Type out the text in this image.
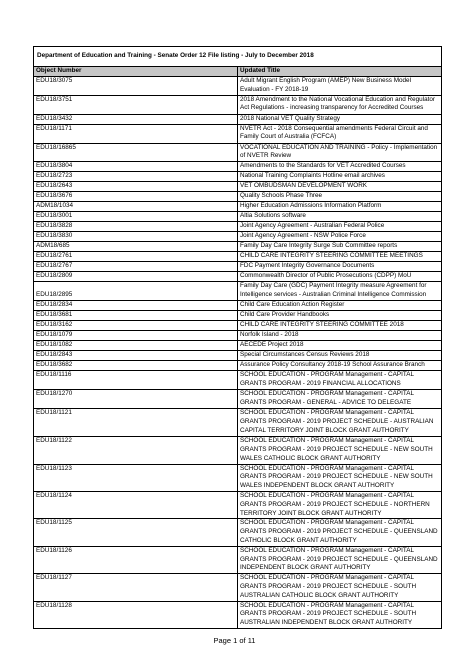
Department of Education and Training - Senate Order 12 File listing - July to December 2018	
Object Number	Updated Title
EDU18/3075	Adult Migrant English Program (AMEP) New Business Model Evaluation - FY 2018-19
EDU18/3751	2018 Amendment to the National Vocational Education and Regulator Act Regulations - increasing transparency for Accredited Courses
EDU18/3432	2018 National VET Quality Strategy
EDU18/1171	NVETR Act - 2018 Consequential amendments Federal Circuit and Family Court of Australia (FCFCA)
EDU18/16865	VOCATIONAL EDUCATION AND TRAINING - Policy - Implementation of NVETR Review
EDU18/3804	Amendments to the Standards for VET Accredited Courses
EDU18/2723	National Training Complaints Hotline email archives
EDU18/2643	VET OMBUDSMAN DEVELOPMENT WORK
EDU18/3676	Quality Schools Phase Three
ADM18/1034	Higher Education Admissions Information Platform
EDU18/3001	Altia Solutions software
EDU18/3828	Joint Agency Agreement - Australian Federal Police
EDU18/3830	Joint Agency Agreement - NSW Police Force
ADM18/685	Family Day Care Integrity Surge Sub Committee reports
EDU18/2761	CHILD CARE INTEGRITY STEERING COMMITTEE MEETINGS
EDU18/2767	FDC Payment Integrity Governance Documents
EDU18/2809	Commonwealth Director of Public Prosecutions (CDPP) MoU
EDU18/2895	Family Day Care (GDC) Payment Integrity measure Agreement for Intelligence services - Australian Criminal Intelligence Commission
EDU18/2834	Child Care Education Action Register
EDU18/3681	Child Care Provider Handbooks
EDU18/3162	CHILD CARE INTEGRITY STEERING COMMITTEE 2018
EDU18/1079	Norfolk Island - 2018
EDU18/1082	AECEDE Project 2018
EDU18/2843	Special Circumstances Census Reviews 2018
EDU18/3682	Assurance Policy Consultancy 2018-19 School Assurance Branch
EDU18/1116	SCHOOL EDUCATION - PROGRAM Management - CAPITAL GRANTS PROGRAM - 2019 FINANCIAL ALLOCATIONS
EDU18/1270	SCHOOL EDUCATION - PROGRAM Management - CAPITAL GRANTS PROGRAM - GENERAL - ADVICE TO DELEGATE
EDU18/1121	SCHOOL EDUCATION - PROGRAM Management - CAPITAL GRANTS PROGRAM - 2019 PROJECT SCHEDULE - AUSTRALIAN CAPITAL TERRITORY JOINT BLOCK GRANT AUTHORITY
EDU18/1122	SCHOOL EDUCATION - PROGRAM Management - CAPITAL GRANTS PROGRAM - 2019 PROJECT SCHEDULE - NEW SOUTH WALES CATHOLIC BLOCK GRANT AUTHORITY
EDU18/1123	SCHOOL EDUCATION - PROGRAM Management - CAPITAL GRANTS PROGRAM - 2019 PROJECT SCHEDULE - NEW SOUTH WALES INDEPENDENT BLOCK GRANT AUTHORITY
EDU18/1124	SCHOOL EDUCATION - PROGRAM Management - CAPITAL GRANTS PROGRAM - 2019 PROJECT SCHEDULE - NORTHERN TERRITORY JOINT BLOCK GRANT AUTHORITY
EDU18/1125	SCHOOL EDUCATION - PROGRAM Management - CAPITAL GRANTS PROGRAM - 2019 PROJECT SCHEDULE - QUEENSLAND CATHOLIC BLOCK GRANT AUTHORITY
EDU18/1126	SCHOOL EDUCATION - PROGRAM Management - CAPITAL GRANTS PROGRAM - 2019 PROJECT SCHEDULE - QUEENSLAND INDEPENDENT BLOCK GRANT AUTHORITY
EDU18/1127	SCHOOL EDUCATION - PROGRAM Management - CAPITAL GRANTS PROGRAM - 2019 PROJECT SCHEDULE - SOUTH AUSTRALIAN CATHOLIC BLOCK GRANT AUTHORITY
EDU18/1128	SCHOOL EDUCATION - PROGRAM Management - CAPITAL GRANTS PROGRAM - 2019 PROJECT SCHEDULE - SOUTH AUSTRALIAN INDEPENDENT BLOCK GRANT AUTHORITY
Page 1 of 11
